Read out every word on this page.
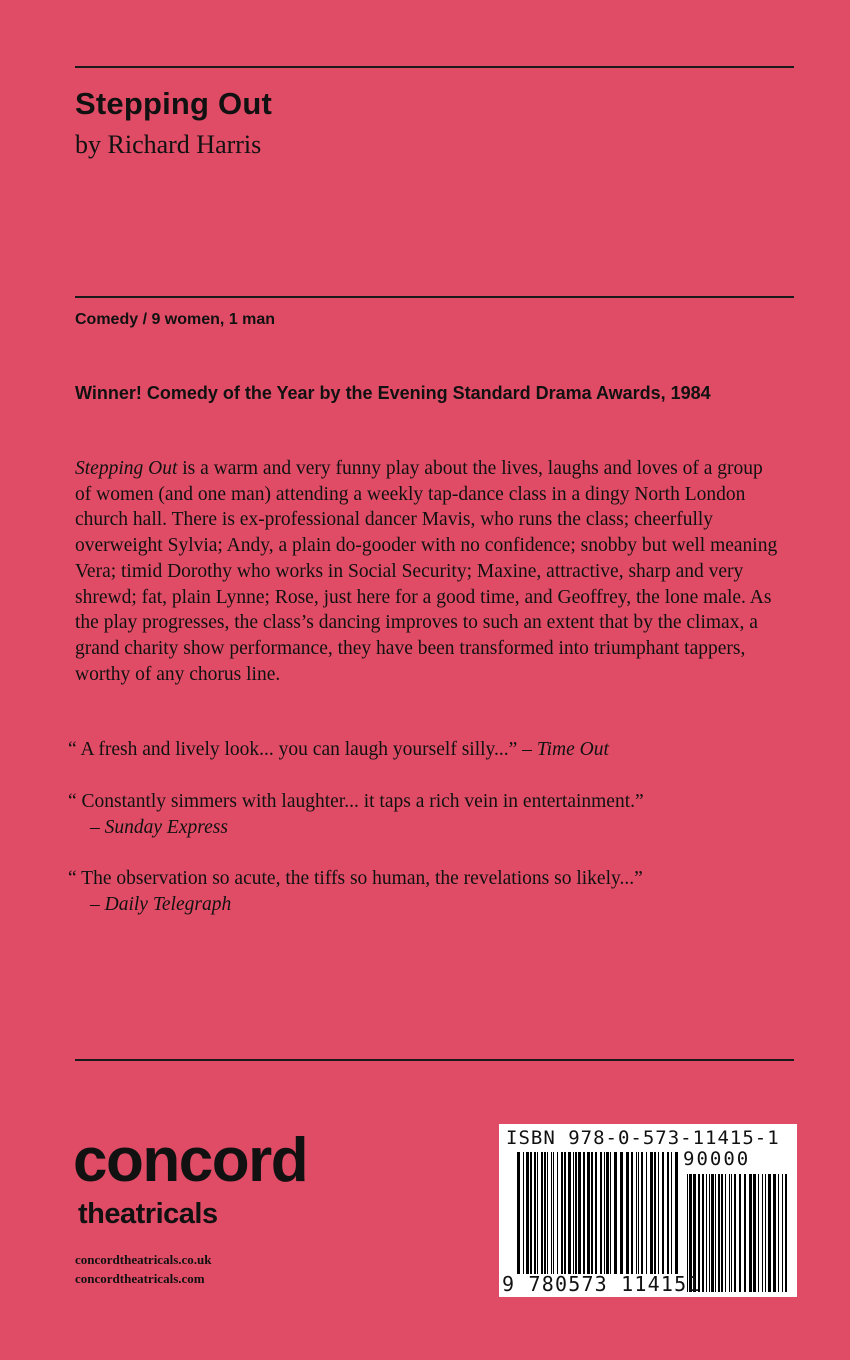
Stepping Out
by Richard Harris
Comedy / 9 women, 1 man
Winner! Comedy of the Year by the Evening Standard Drama Awards, 1984
Stepping Out is a warm and very funny play about the lives, laughs and loves of a group of women (and one man) attending a weekly tap-dance class in a dingy North London church hall. There is ex-professional dancer Mavis, who runs the class; cheerfully overweight Sylvia; Andy, a plain do-gooder with no confidence; snobby but well meaning Vera; timid Dorothy who works in Social Security; Maxine, attractive, sharp and very shrewd; fat, plain Lynne; Rose, just here for a good time, and Geoffrey, the lone male. As the play progresses, the class’s dancing improves to such an extent that by the climax, a grand charity show performance, they have been transformed into triumphant tappers, worthy of any chorus line.
“ A fresh and lively look... you can laugh yourself silly...” – Time Out
“ Constantly simmers with laughter... it taps a rich vein in entertainment.”
– Sunday Express
“ The observation so acute, the tiffs so human, the revelations so likely...”
– Daily Telegraph
concord
theatricals
concordtheatricals.co.uk
concordtheatricals.com
ISBN 978-0-573-11415-1
90000
9 780573 114151
